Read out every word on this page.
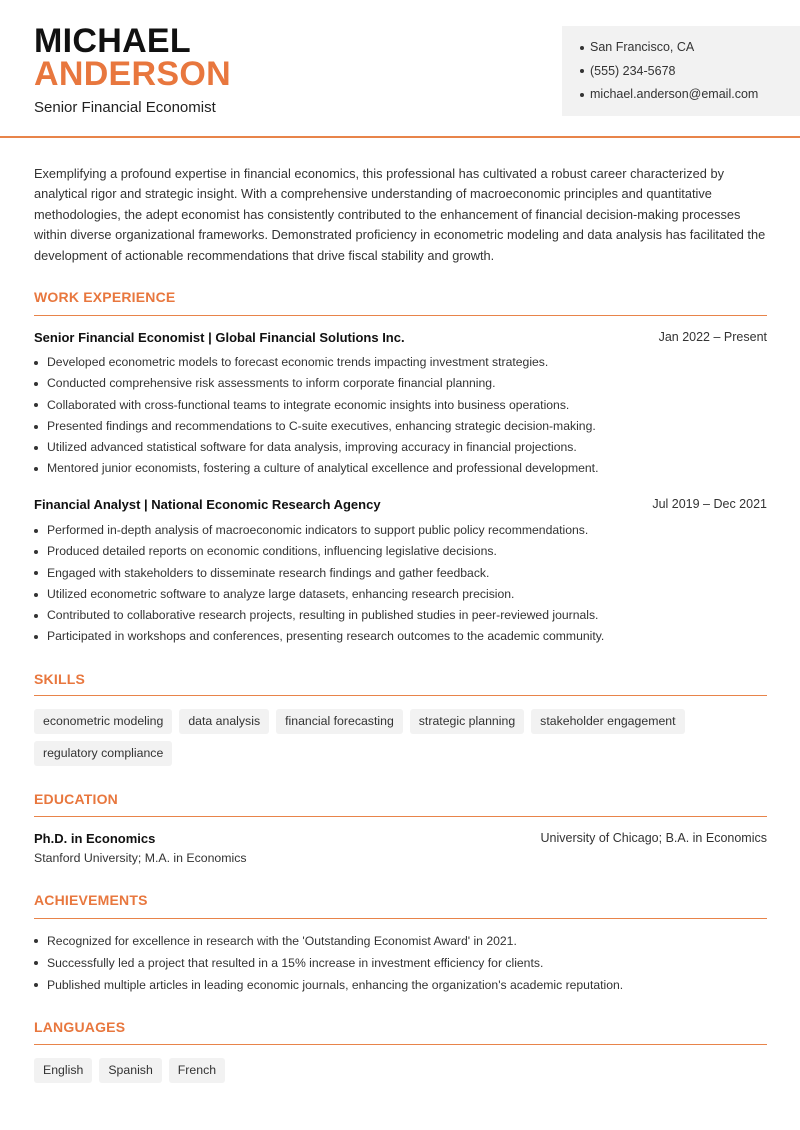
MICHAEL
ANDERSON
Senior Financial Economist
San Francisco, CA
(555) 234-5678
michael.anderson@email.com
Exemplifying a profound expertise in financial economics, this professional has cultivated a robust career characterized by analytical rigor and strategic insight. With a comprehensive understanding of macroeconomic principles and quantitative methodologies, the adept economist has consistently contributed to the enhancement of financial decision-making processes within diverse organizational frameworks. Demonstrated proficiency in econometric modeling and data analysis has facilitated the development of actionable recommendations that drive fiscal stability and growth.
WORK EXPERIENCE
Senior Financial Economist | Global Financial Solutions Inc.	Jan 2022 – Present
Developed econometric models to forecast economic trends impacting investment strategies.
Conducted comprehensive risk assessments to inform corporate financial planning.
Collaborated with cross-functional teams to integrate economic insights into business operations.
Presented findings and recommendations to C-suite executives, enhancing strategic decision-making.
Utilized advanced statistical software for data analysis, improving accuracy in financial projections.
Mentored junior economists, fostering a culture of analytical excellence and professional development.
Financial Analyst | National Economic Research Agency	Jul 2019 – Dec 2021
Performed in-depth analysis of macroeconomic indicators to support public policy recommendations.
Produced detailed reports on economic conditions, influencing legislative decisions.
Engaged with stakeholders to disseminate research findings and gather feedback.
Utilized econometric software to analyze large datasets, enhancing research precision.
Contributed to collaborative research projects, resulting in published studies in peer-reviewed journals.
Participated in workshops and conferences, presenting research outcomes to the academic community.
SKILLS
econometric modeling	data analysis	financial forecasting	strategic planning	stakeholder engagement
regulatory compliance
EDUCATION
Ph.D. in Economics	University of Chicago; B.A. in Economics
Stanford University; M.A. in Economics
ACHIEVEMENTS
Recognized for excellence in research with the 'Outstanding Economist Award' in 2021.
Successfully led a project that resulted in a 15% increase in investment efficiency for clients.
Published multiple articles in leading economic journals, enhancing the organization's academic reputation.
LANGUAGES
English	Spanish	French
